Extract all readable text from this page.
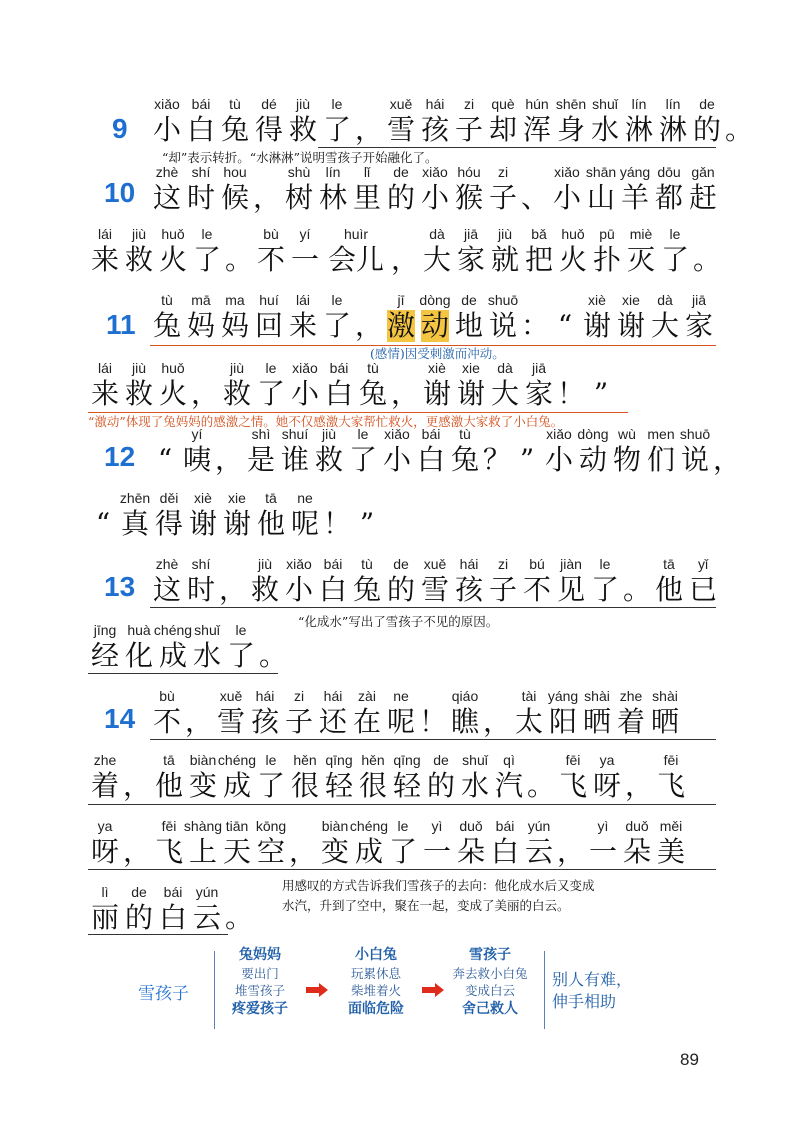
9
10
11
12
13
14
xiǎo
小
bái
白
tù
兔
dé
得
jiù
救
le
了 ，
xuě
雪
hái
孩
zi
子
què
却
hún
浑
shēn
身
shuǐ
水
lín
淋
lín
淋
de
的 。
zhè
这
shí
时
hou
候 ，
shù
树
lín
林
lǐ
里
de
的
xiǎo
小
hóu
猴
zi
子 、
xiǎo
小
shān
山
yáng
羊
dōu
都
gǎn
赶
lái
来
jiù
救
huǒ
火
le
了 。
bù
不
yí
一
huìr
会儿 ，
dà
大
jiā
家
jiù
就
bǎ
把
huǒ
火
pū
扑
miè
灭
le
了 。
tù
兔
mā
妈
ma
妈
huí
回
lái
来
le
了 ，
jī
激
dòng
动
de
地
shuō
说 ： “
xiè
谢
xie
谢
dà
大
jiā
家
lái
来
jiù
救
huǒ
火 ，
jiù
救
le
了
xiǎo
小
bái
白
tù
兔 ，
xiè
谢
xie
谢
dà
大
jiā
家 ！ ”
“
yí
咦 ，
shì
是
shuí
谁
jiù
救
le
了
xiǎo
小
bái
白
tù
兔 ？ ”
xiǎo
小
dòng
动
wù
物
men
们
shuō
说 ，
“
zhēn
真
děi
得
xiè
谢
xie
谢
tā
他
ne
呢 ！ ”
zhè
这
shí
时 ，
jiù
救
xiǎo
小
bái
白
tù
兔
de
的
xuě
雪
hái
孩
zi
子
bú
不
jiàn
见
le
了 。
tā
他
yǐ
已
jīng
经
huà
化
chéng
成
shuǐ
水
le
了 。
bù
不 ，
xuě
雪
hái
孩
zi
子
hái
还
zài
在
ne
呢 ！
qiáo
瞧 ，
tài
太
yáng
阳
shài
晒
zhe
着
shài
晒
zhe
着 ，
tā
他
biàn
变
chéng
成
le
了
hěn
很
qīng
轻
hěn
很
qīng
轻
de
的
shuǐ
水
qì
汽 。
fēi
飞
ya
呀 ，
fēi
飞
ya
呀 ，
fēi
飞
shàng
上
tiān
天
kōng
空 ，
biàn
变
chéng
成
le
了
yì
一
duǒ
朵
bái
白
yún
云 ，
yì
一
duǒ
朵
měi
美
lì
丽
de
的
bái
白
yún
云 。
“却”表示转折。“水淋淋”说明雪孩子开始融化了。
(感情)因受刺激而冲动。
“激动”体现了兔妈妈的感激之情。她不仅感激大家帮忙救火，更感激大家救了小白兔。
“化成水”写出了雪孩子不见的原因。
用感叹的方式告诉我们雪孩子的去向：他化成水后又变成
水汽，升到了空中，聚在一起，变成了美丽的白云。
雪孩子
兔妈妈
要出门
堆雪孩子
疼爱孩子
小白兔
玩累休息
柴堆着火
面临危险
雪孩子
奔去救小白兔
变成白云
舍己救人
别人有难，
伸手相助
89
